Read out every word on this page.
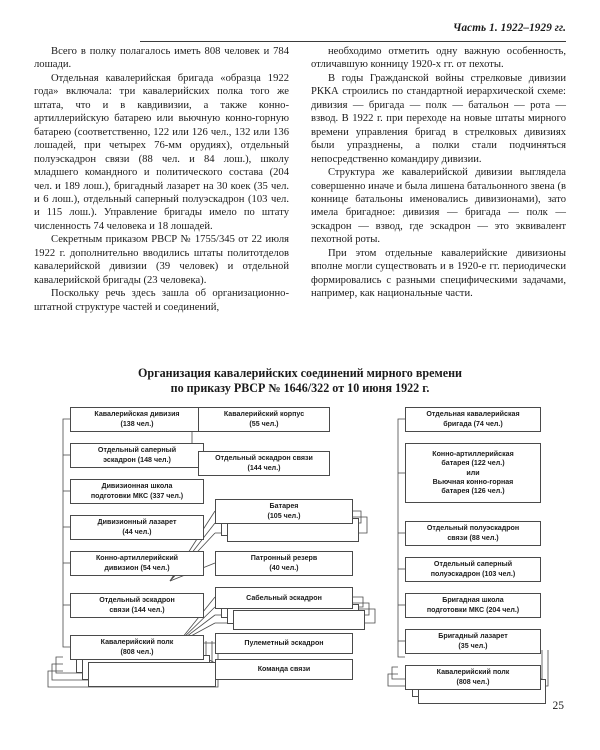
Часть 1. 1922–1929 гг.

Всего в полку полагалось иметь 808 человек и 784 лошади.

Отдельная кавалерийская бригада «образца 1922 года» включала: три кавалерийских полка того же штата, что и в кавдивизии, а также конно-артиллерийскую батарею или вьючную конно-горную батарею (соответственно, 122 или 126 чел., 132 или 136 лошадей, при четырех 76-мм орудиях), отдельный полуэскадрон связи (88 чел. и 84 лош.), школу младшего командного и политического состава (204 чел. и 189 лош.), бригадный лазарет на 30 коек (35 чел. и 6 лош.), отдельный саперный полуэскадрон (103 чел. и 115 лош.). Управление бригады имело по штату численность 74 человека и 18 лошадей.

Секретным приказом РВСР № 1755/345 от 22 июля 1922 г. дополнительно вводились штаты политотделов кавалерийской дивизии (39 человек) и отдельной кавалерийской бригады (23 человека).

Поскольку речь здесь зашла об организационно-штатной структуре частей и соединений,

необходимо отметить одну важную особенность, отличавшую конницу 1920-х гг. от пехоты.

В годы Гражданской войны стрелковые дивизии РККА строились по стандартной иерархической схеме: дивизия — бригада — полк — батальон — рота — взвод. В 1922 г. при переходе на новые штаты мирного времени управления бригад в стрелковых дивизиях были упразднены, а полки стали подчиняться непосредственно командиру дивизии.

Структура же кавалерийской дивизии выглядела совершенно иначе и была лишена батальонного звена (в коннице батальоны именовались дивизионами), зато имела бригадное: дивизия — бригада — полк — эскадрон — взвод, где эскадрон — это эквивалент пехотной роты.

При этом отдельные кавалерийские дивизионы вполне могли существовать и в 1920-е гг. периодически формировались с разными специфическими задачами, например, как национальные части.

Организация кавалерийских соединений мирного времени
по приказу РВСР № 1646/322 от 10 июня 1922 г.
Кавалерийская дивизия
(138 чел.)
Отдельный саперный
эскадрон (148 чел.)
Дивизионная школа
подготовки МКС (337 чел.)
Дивизионный лазарет
(44 чел.)
Конно-артиллерийский
дивизион (54 чел.)
Отдельный эскадрон
связи (144 чел.)
Кавалерийский полк
(808 чел.)
Кавалерийский корпус
(55 чел.)
Отдельный эскадрон связи
(144 чел.)
Батарея
(105 чел.)
Патронный резерв
(40 чел.)
Сабельный эскадрон
Пулеметный эскадрон
Команда связи
Отдельная кавалерийская
бригада (74 чел.)
Конно-артиллерийская
батарея (122 чел.)
или
Вьючная конно-горная
батарея (126 чел.)
Отдельный полуэскадрон
связи (88 чел.)
Отдельный саперный
полуэскадрон (103 чел.)
Бригадная школа
подготовки МКС (204 чел.)
Бригадный лазарет
(35 чел.)
Кавалерийский полк
(808 чел.)
25
